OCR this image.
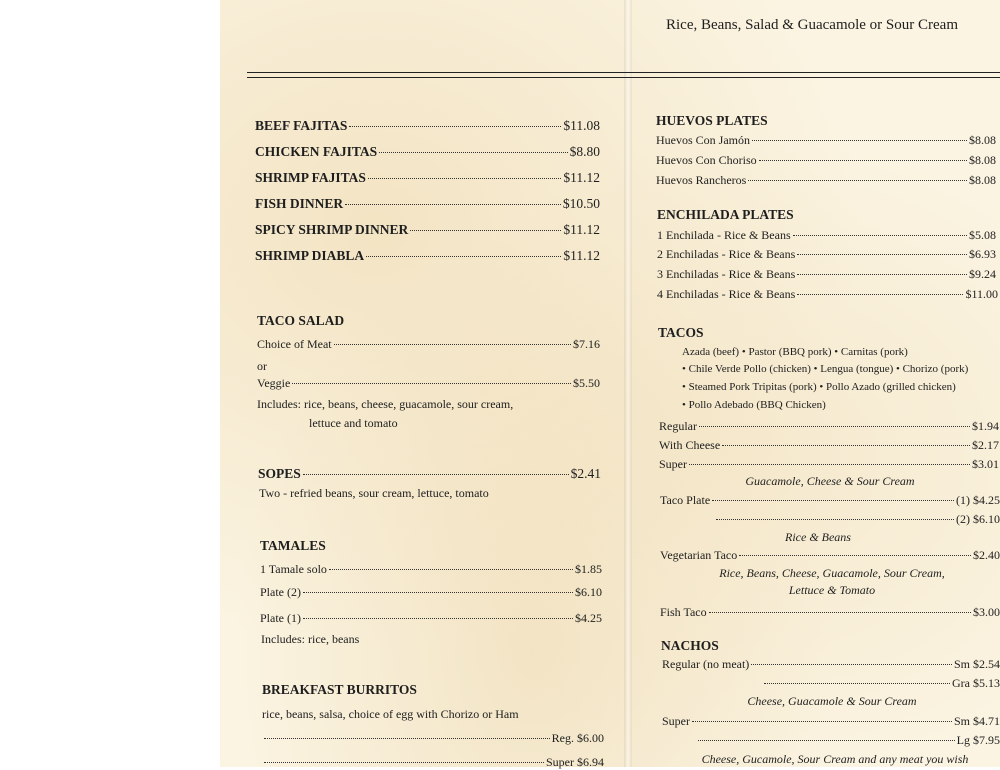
Rice, Beans, Salad & Guacamole or Sour Cream
BEEF FAJITAS	$11.08
CHICKEN FAJITAS	$8.80
SHRIMP FAJITAS	$11.12
FISH DINNER	$10.50
SPICY SHRIMP DINNER	$11.12
SHRIMP DIABLA	$11.12
TACO SALAD
Choice of Meat	$7.16
or
Veggie	$5.50
Includes: rice, beans, cheese, guacamole, sour cream,
lettuce and tomato
SOPES	$2.41
Two - refried beans, sour cream, lettuce, tomato
TAMALES
1 Tamale solo	$1.85
Plate (2)	$6.10
Plate (1)	$4.25
Includes: rice, beans
BREAKFAST BURRITOS
rice, beans, salsa, choice of egg with Chorizo or Ham
Reg. $6.00
Super $6.94
HUEVOS PLATES
Huevos Con Jamón	$8.08
Huevos Con Choriso	$8.08
Huevos Rancheros	$8.08
ENCHILADA PLATES
1 Enchilada - Rice & Beans	$5.08
2 Enchiladas - Rice & Beans	$6.93
3 Enchiladas - Rice & Beans	$9.24
4 Enchiladas - Rice & Beans	$11.00
TACOS
Azada (beef) • Pastor (BBQ pork) • Carnitas (pork)
• Chile Verde Pollo (chicken) • Lengua (tongue) • Chorizo (pork)
• Steamed Pork Tripitas (pork) • Pollo Azado (grilled chicken)
• Pollo Adebado (BBQ Chicken)
Regular	$1.94
With Cheese	$2.17
Super	$3.01
Guacamole, Cheese & Sour Cream
Taco Plate	(1) $4.25
(2) $6.10
Rice & Beans
Vegetarian Taco	$2.40
Rice, Beans, Cheese, Guacamole, Sour Cream,
Lettuce & Tomato
Fish Taco	$3.00
NACHOS
Regular (no meat)	Sm $2.54
Gra $5.13
Cheese, Guacamole & Sour Cream
Super	Sm $4.71
Lg $7.95
Cheese, Gucamole, Sour Cream and any meat you wish
